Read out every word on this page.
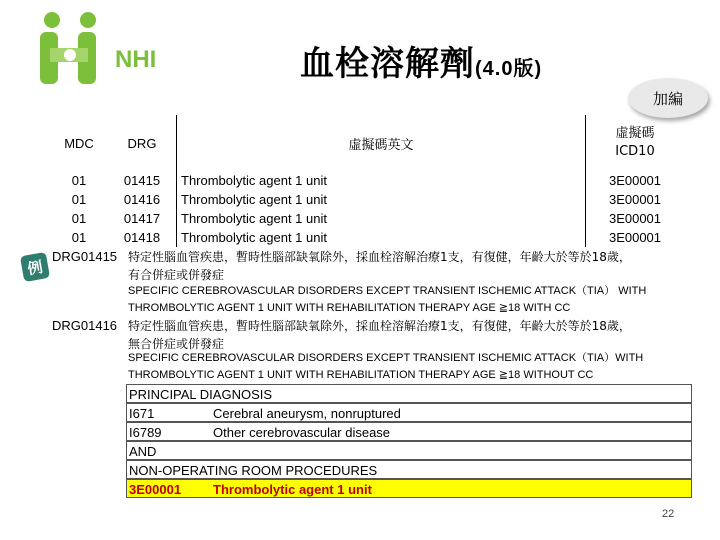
NHI	血栓溶解劑(4.0版)
加編
MDC	DRG	虛擬碼英文	虛擬碼
ICD10

01	01415	Thrombolytic agent 1 unit	3E00001
01	01416	Thrombolytic agent 1 unit	3E00001
01	01417	Thrombolytic agent 1 unit	3E00001
01	01418	Thrombolytic agent 1 unit	3E00001
例
DRG01415 特定性腦血管疾患，暫時性腦部缺氧除外，採血栓溶解治療1支，有復健，年齡大於等於18歲，
有合併症或併發症
SPECIFIC CEREBROVASCULAR DISORDERS EXCEPT TRANSIENT ISCHEMIC ATTACK（TIA） WITH
THROMBOLYTIC AGENT 1 UNIT WITH REHABILITATION THERAPY AGE ≧18 WITH CC
DRG01416 特定性腦血管疾患，暫時性腦部缺氧除外，採血栓溶解治療1支，有復健，年齡大於等於18歲，
無合併症或併發症
SPECIFIC CEREBROVASCULAR DISORDERS EXCEPT TRANSIENT ISCHEMIC ATTACK（TIA）WITH
THROMBOLYTIC AGENT 1 UNIT WITH REHABILITATION THERAPY AGE ≧18 WITHOUT CC
PRINCIPAL DIAGNOSIS
I671	Cerebral aneurysm, nonruptured
I6789	Other cerebrovascular disease
AND
NON-OPERATING ROOM PROCEDURES
3E00001 Thrombolytic agent 1 unit
22
